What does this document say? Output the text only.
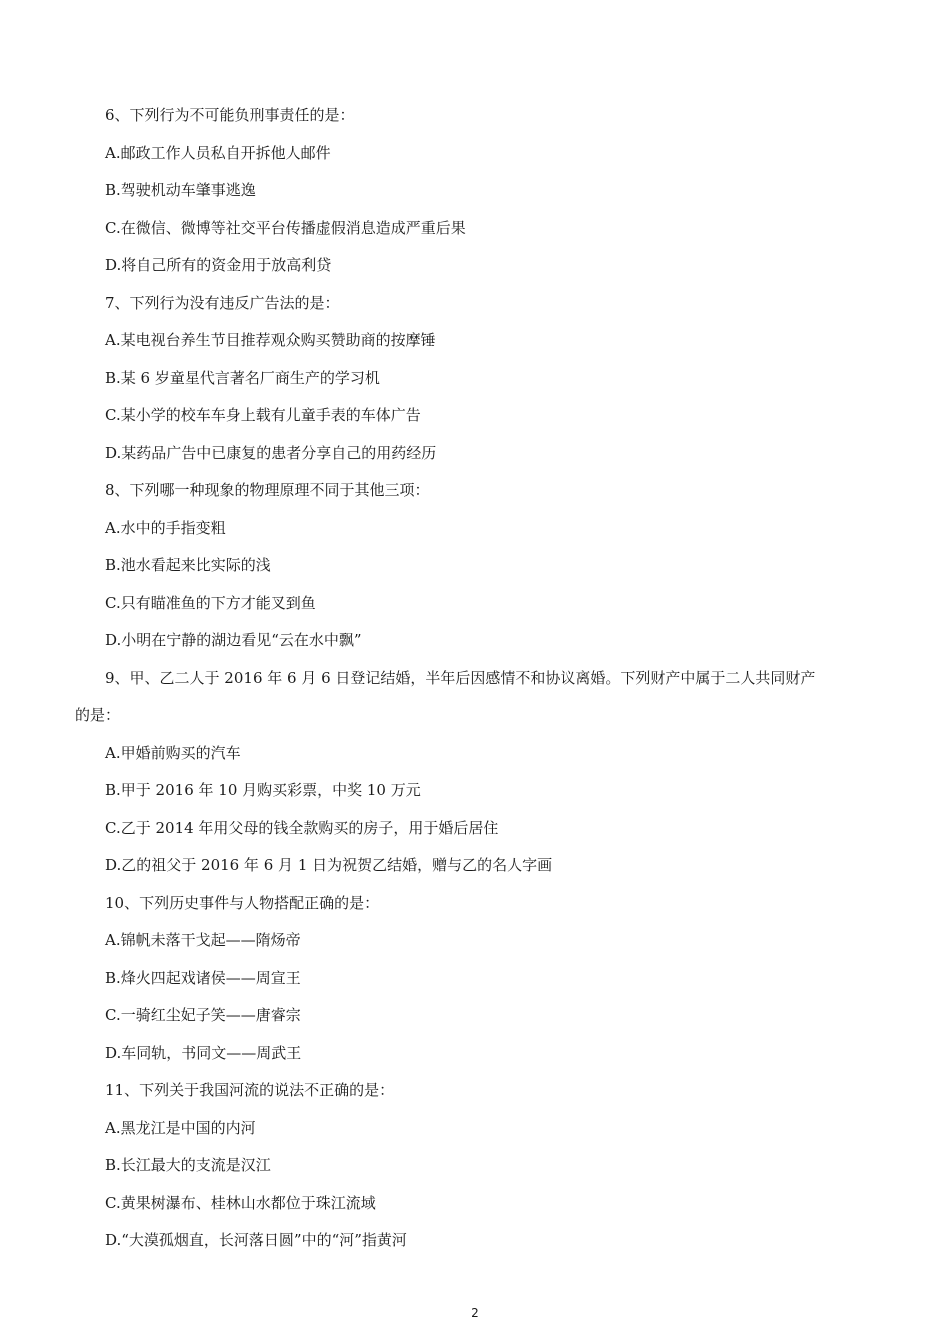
6、下列行为不可能负刑事责任的是：
A.邮政工作人员私自开拆他人邮件
B.驾驶机动车肇事逃逸
C.在微信、微博等社交平台传播虚假消息造成严重后果
D.将自己所有的资金用于放高利贷
7、下列行为没有违反广告法的是：
A.某电视台养生节目推荐观众购买赞助商的按摩锤
B.某 6 岁童星代言著名厂商生产的学习机
C.某小学的校车车身上载有儿童手表的车体广告
D.某药品广告中已康复的患者分享自己的用药经历
8、下列哪一种现象的物理原理不同于其他三项：
A.水中的手指变粗
B.池水看起来比实际的浅
C.只有瞄准鱼的下方才能叉到鱼
D.小明在宁静的湖边看见“云在水中飘”
9、甲、乙二人于 2016 年 6 月 6 日登记结婚，半年后因感情不和协议离婚。下列财产中属于二人共同财产
的是：
A.甲婚前购买的汽车
B.甲于 2016 年 10 月购买彩票，中奖 10 万元
C.乙于 2014 年用父母的钱全款购买的房子，用于婚后居住
D.乙的祖父于 2016 年 6 月 1 日为祝贺乙结婚，赠与乙的名人字画
10、下列历史事件与人物搭配正确的是：
A.锦帆未落干戈起——隋炀帝
B.烽火四起戏诸侯——周宣王
C.一骑红尘妃子笑——唐睿宗
D.车同轨，书同文——周武王
11、下列关于我国河流的说法不正确的是：
A.黑龙江是中国的内河
B.长江最大的支流是汉江
C.黄果树瀑布、桂林山水都位于珠江流域
D.“大漠孤烟直，长河落日圆”中的“河”指黄河
2
